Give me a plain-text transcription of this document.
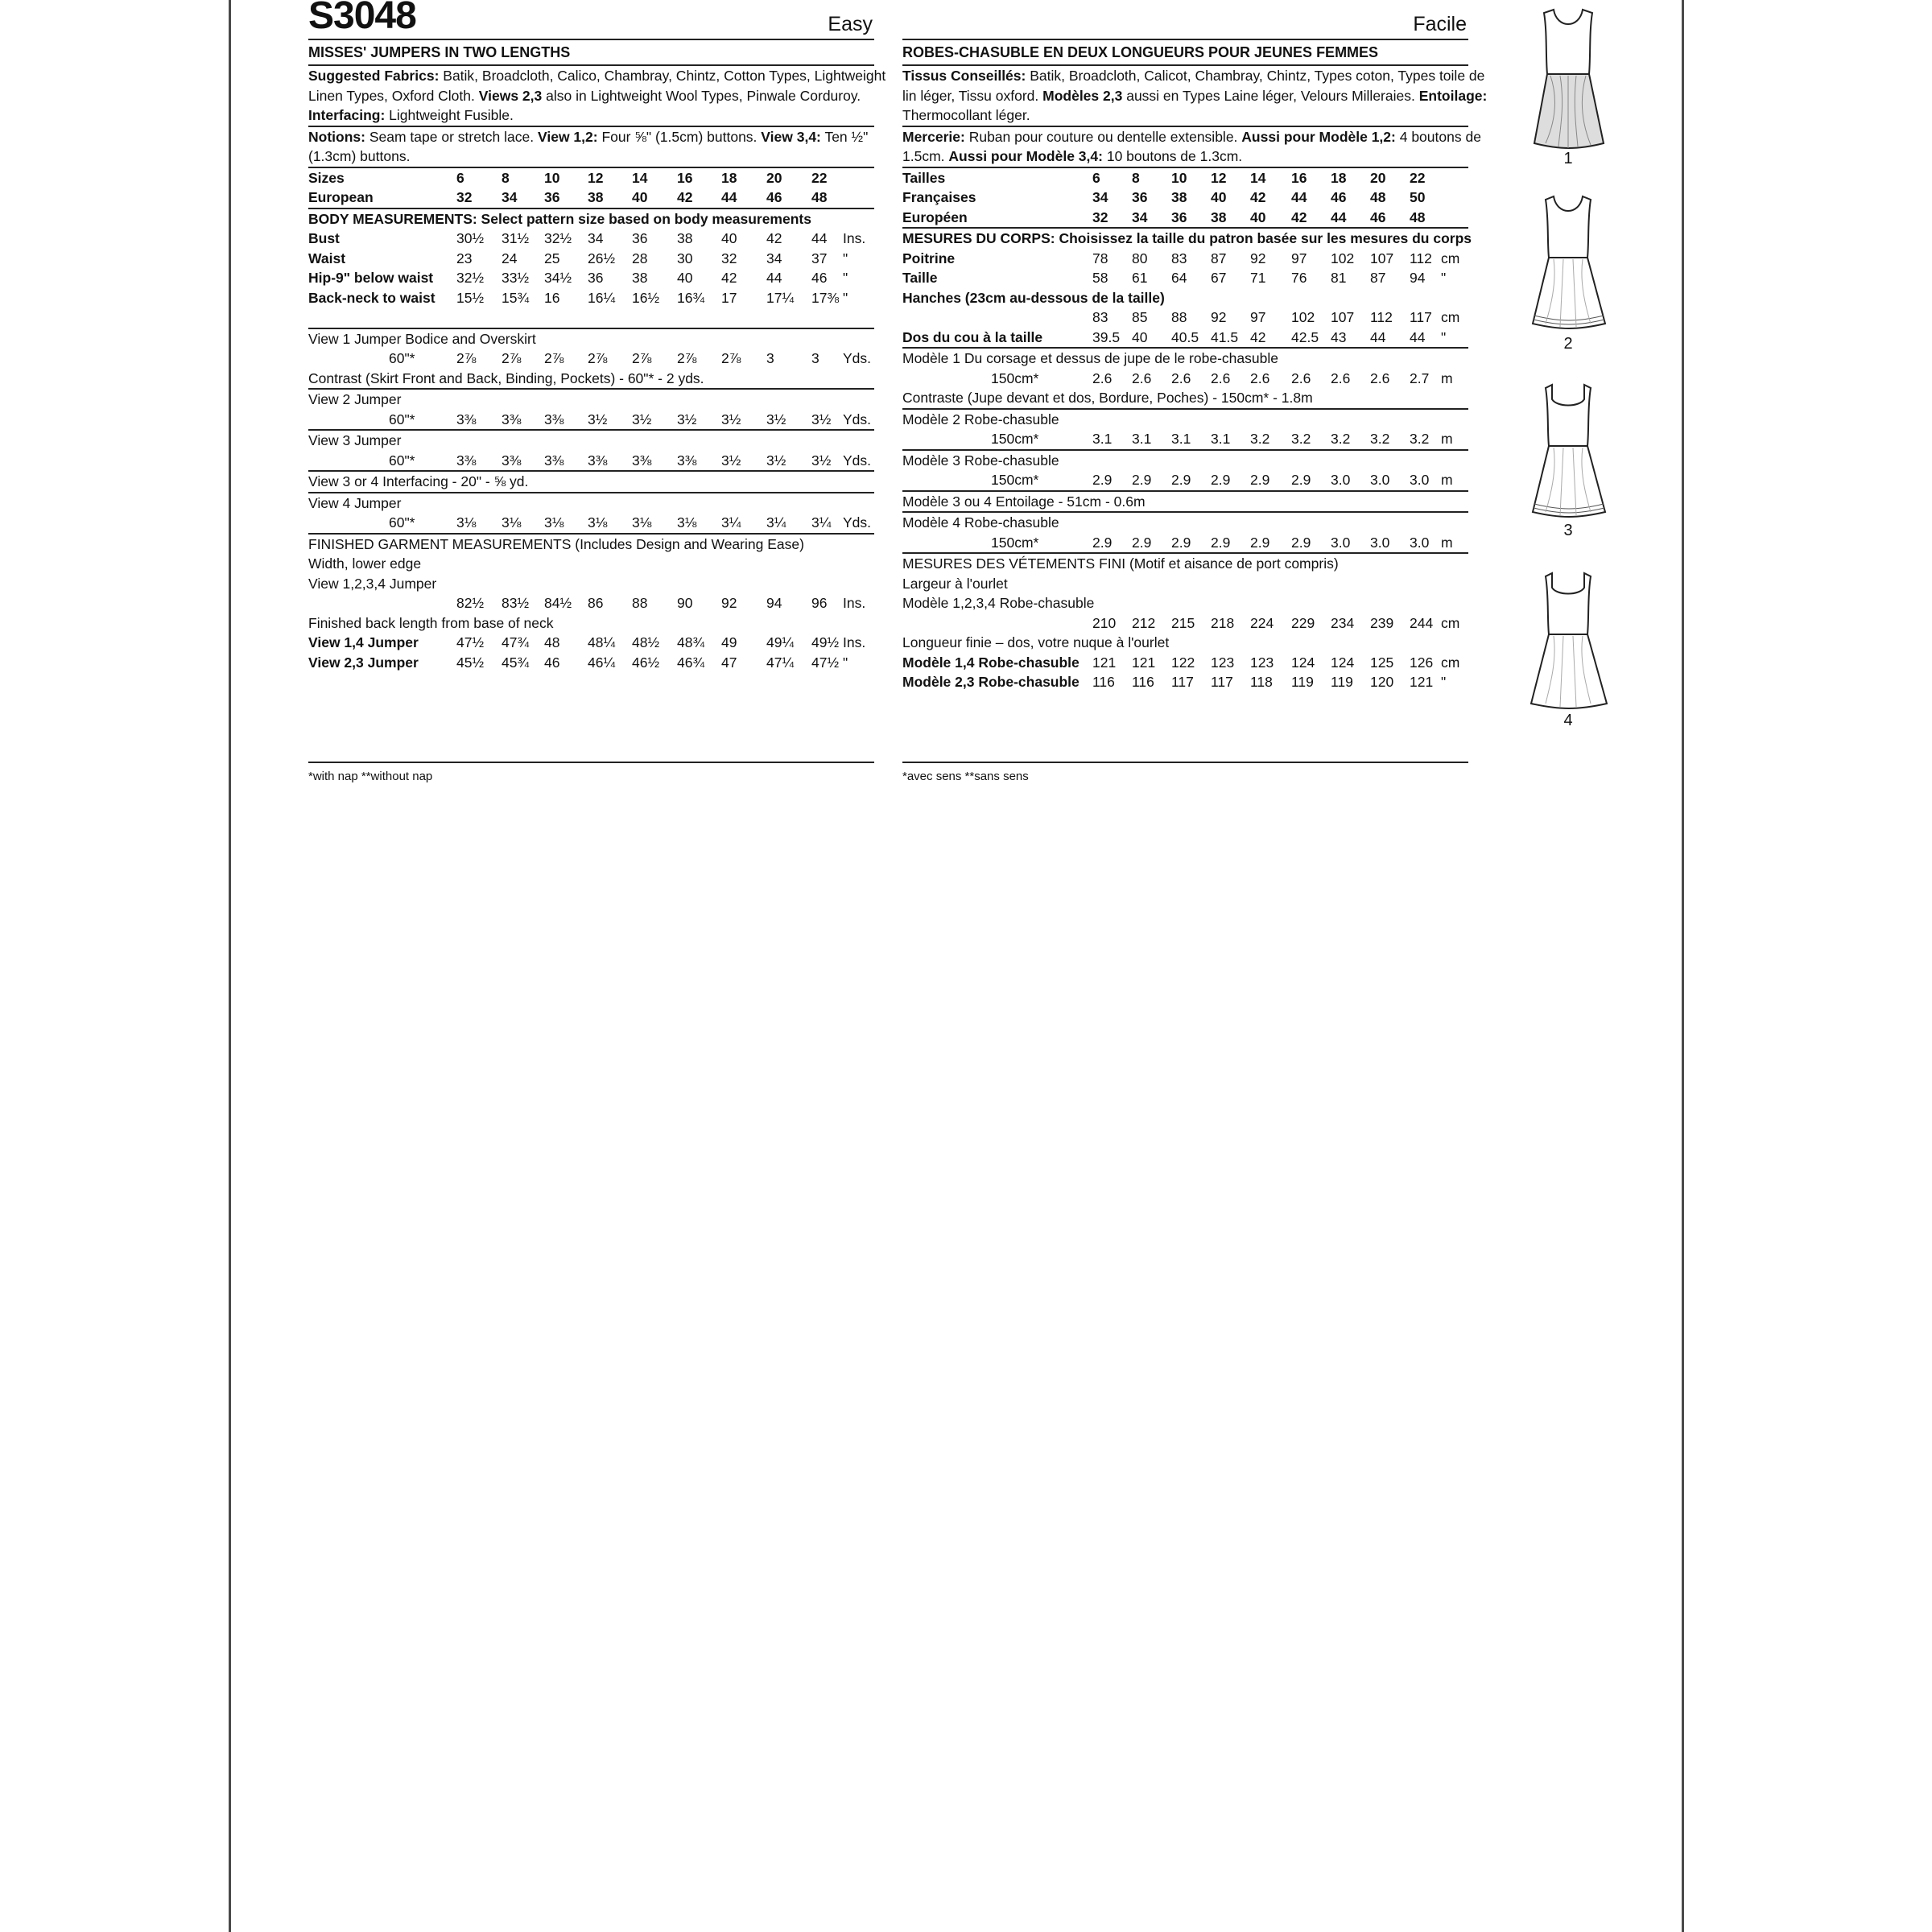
S3048	Easy
MISSES' JUMPERS IN TWO LENGTHS
Suggested Fabrics: Batik, Broadcloth, Calico, Chambray, Chintz, Cotton Types, Lightweight
Linen Types, Oxford Cloth. Views 2,3 also in Lightweight Wool Types, Pinwale Corduroy.
Interfacing: Lightweight Fusible.
Notions: Seam tape or stretch lace. View 1,2: Four ⅝" (1.5cm) buttons. View 3,4: Ten ½"
(1.3cm) buttons.
Sizes	6	8 10 12 14 16 18 20 22
European	32 34 36 38 40 42 44 46 48
BODY MEASUREMENTS: Select pattern size based on body measurements
Bust	30½ 31½ 32½ 34 36 38 40 42 44 Ins.
Waist	23 24 25 26½ 28 30 32 34 37 "
Hip-9" below waist 32½ 33½ 34½ 36 38 40 42 44 46 "
Back-neck to waist 15½ 15¾ 16 16¼ 16½ 16¾ 17 17¼ 17⅜ "
View 1 Jumper Bodice and Overskirt
60"*	2⅞ 2⅞ 2⅞ 2⅞ 2⅞ 2⅞ 2⅞ 3	3 Yds.
Contrast (Skirt Front and Back, Binding, Pockets) - 60"* - 2 yds.
View 2 Jumper
60"*	3⅜ 3⅜ 3⅜ 3½ 3½ 3½ 3½ 3½ 3½ Yds.
View 3 Jumper
60"*	3⅜ 3⅜ 3⅜ 3⅜ 3⅜ 3⅜ 3½ 3½ 3½ Yds.
View 3 or 4 Interfacing - 20" - ⅝ yd.
View 4 Jumper
60"*	3⅛ 3⅛ 3⅛ 3⅛ 3⅛ 3⅛ 3¼ 3¼ 3¼ Yds.
FINISHED GARMENT MEASUREMENTS (Includes Design and Wearing Ease)
Width, lower edge
View 1,2,3,4 Jumper
82½ 83½ 84½ 86 88 90 92 94 96 Ins.
Finished back length from base of neck
View 1,4 Jumper	47½ 47¾ 48 48¼ 48½ 48¾ 49 49¼ 49½ Ins.
View 2,3 Jumper	45½ 45¾ 46 46¼ 46½ 46¾ 47 47¼ 47½ "
Facile
ROBES-CHASUBLE EN DEUX LONGUEURS POUR JEUNES FEMMES
Tissus Conseillés: Batik, Broadcloth, Calicot, Chambray, Chintz, Types coton, Types toile de
lin léger, Tissu oxford. Modèles 2,3 aussi en Types Laine léger, Velours Milleraies. Entoilage:
Thermocollant léger.
Mercerie: Ruban pour couture ou dentelle extensible. Aussi pour Modèle 1,2: 4 boutons de
1.5cm. Aussi pour Modèle 3,4: 10 boutons de 1.3cm.
Tailles	6 8 10 12 14 16 18 20 22
Françaises	34 36 38 40 42 44 46 48 50
Européen	32 34 36 38 40 42 44 46 48
MESURES DU CORPS: Choisissez la taille du patron basée sur les mesures du corps
Poitrine	78 80 83 87 92 97 102 107 112 cm
Taille	58 61 64 67 71 76 81 87 94 "
Hanches (23cm au-dessous de la taille)
83 85 88 92 97 102 107 112 117 cm
Dos du cou à la taille	39.5 40 40.5 41.5 42 42.5 43 44 44 "
Modèle 1 Du corsage et dessus de jupe de le robe-chasuble
150cm*	2.6 2.6 2.6 2.6 2.6 2.6 2.6 2.6 2.7 m
Contraste (Jupe devant et dos, Bordure, Poches) - 150cm* - 1.8m
Modèle 2 Robe-chasuble
150cm*	3.1 3.1 3.1 3.1 3.2 3.2 3.2 3.2 3.2 m
Modèle 3 Robe-chasuble
150cm*	2.9 2.9 2.9 2.9 2.9 2.9 3.0 3.0 3.0 m
Modèle 3 ou 4 Entoilage - 51cm - 0.6m
Modèle 4 Robe-chasuble
150cm*	2.9 2.9 2.9 2.9 2.9 2.9 3.0 3.0 3.0 m
MESURES DES VÉTEMENTS FINI (Motif et aisance de port compris)
Largeur à l'ourlet
Modèle 1,2,3,4 Robe-chasuble
210 212 215 218 224 229 234 239 244 cm
Longueur finie – dos, votre nuque à l'ourlet
Modèle 1,4 Robe-chasuble 121 121 122 123 123 124 124 125 126 cm
Modèle 2,3 Robe-chasuble 116 116 117 117 118 119 119 120 121 "
*with nap **without nap	*avec sens **sans sens
1
2
3
4
